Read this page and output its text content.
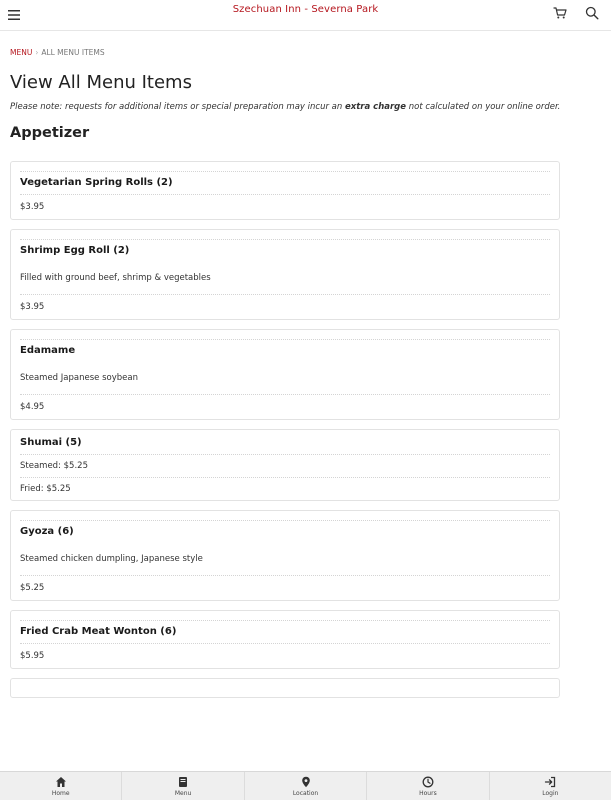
Szechuan Inn - Severna Park
MENU › ALL MENU ITEMS
View All Menu Items

Please note: requests for additional items or special preparation may incur an extra charge not calculated on your online order.

Appetizer
Vegetarian Spring Rolls (2)
$3.95
Shrimp Egg Roll (2)
Filled with ground beef, shrimp & vegetables
$3.95
Edamame
Steamed Japanese soybean
$4.95
Shumai (5)
Steamed: $5.25
Fried: $5.25
Gyoza (6)
Steamed chicken dumpling, Japanese style
$5.25
Fried Crab Meat Wonton (6)
$5.95
Home	Menu	Location	Hours	Login
